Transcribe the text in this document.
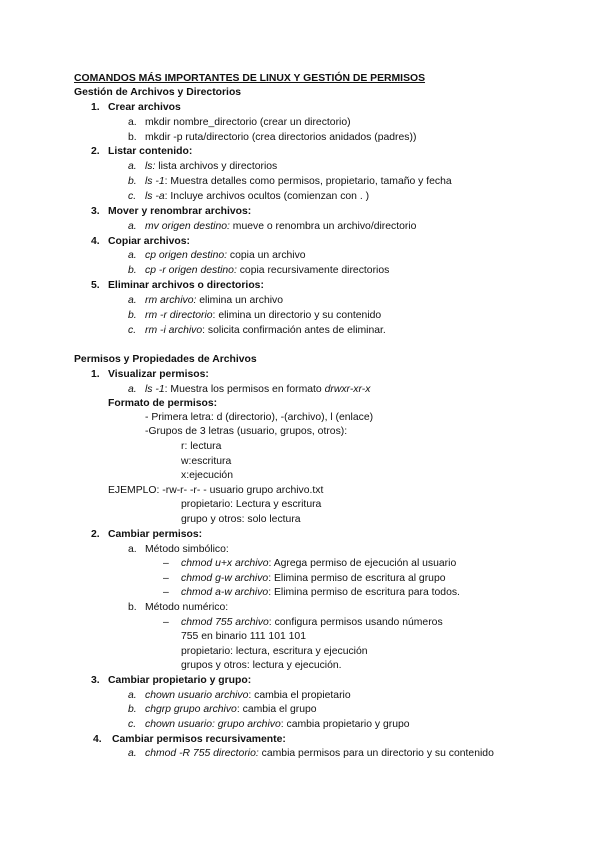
COMANDOS MÁS IMPORTANTES DE LINUX Y GESTIÓN DE PERMISOS
Gestión de Archivos y Directorios
1. Crear archivos
a. mkdir nombre_directorio (crear un directorio)
b. mkdir -p ruta/directorio (crea directorios anidados (padres))
2. Listar contenido:
a. ls: lista archivos y directorios
b. ls -1: Muestra detalles como permisos, propietario, tamaño y fecha
c. ls -a: Incluye archivos ocultos (comienzan con . )
3. Mover y renombrar archivos:
a. mv origen destino: mueve o renombra un archivo/directorio
4. Copiar archivos:
a. cp origen destino: copia un archivo
b. cp -r origen destino: copia recursivamente directorios
5. Eliminar archivos o directorios:
a. rm archivo: elimina un archivo
b. rm -r directorio: elimina un directorio y su contenido
c. rm -i archivo: solicita confirmación antes de eliminar.
Permisos y Propiedades de Archivos
1. Visualizar permisos:
a. ls -1: Muestra los permisos en formato drwxr-xr-x
Formato de permisos:
- Primera letra: d (directorio), -(archivo), l (enlace)
-Grupos de 3 letras (usuario, grupos, otros):
r: lectura
w:escritura
x:ejecución
EJEMPLO: -rw-r- -r- - usuario grupo archivo.txt
propietario: Lectura y escritura
grupo y otros: solo lectura
2. Cambiar permisos:
a. Método simbólico:
– chmod u+x archivo: Agrega permiso de ejecución al usuario
– chmod g-w archivo: Elimina permiso de escritura al grupo
– chmod a-w archivo: Elimina permiso de escritura para todos.
b. Método numérico:
– chmod 755 archivo: configura permisos usando números
755 en binario 111 101 101
propietario: lectura, escritura y ejecución
grupos y otros: lectura y ejecución.
3. Cambiar propietario y grupo:
a. chown usuario archivo: cambia el propietario
b. chgrp grupo archivo: cambia el grupo
c. chown usuario: grupo archivo: cambia propietario y grupo
4. Cambiar permisos recursivamente:
a. chmod -R 755 directorio: cambia permisos para un directorio y su contenido
